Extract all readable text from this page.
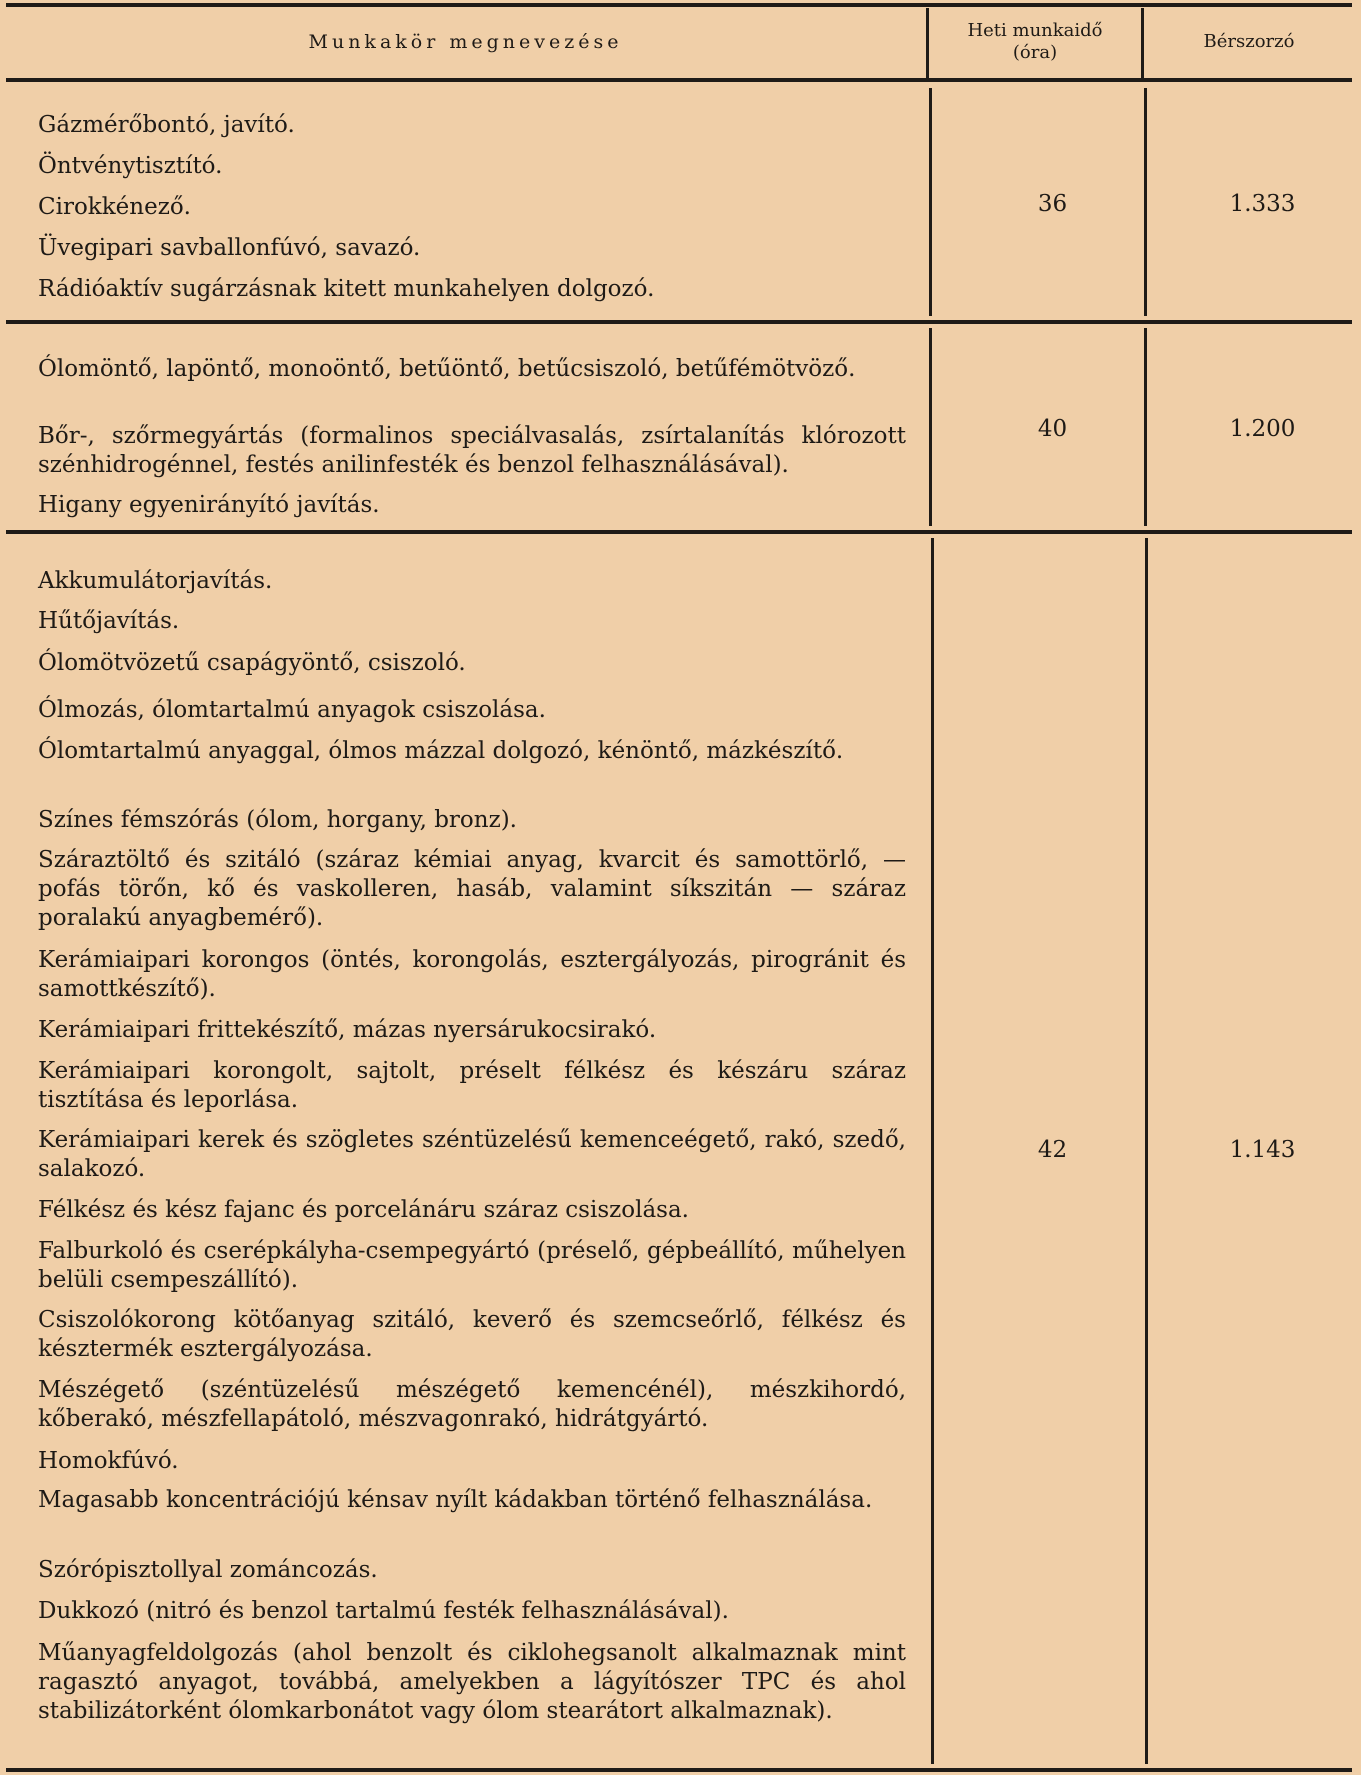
Munkakör megnevezése
Heti munkaidő
(óra)
Bérszorzó
Gázmérőbontó, javító.
Öntvénytisztító.
Cirokkénező.
Üvegipari savballonfúvó, savazó.
Rádióaktív sugárzásnak kitett munkahelyen dolgozó.
36	1.333
Ólomöntő, lapöntő, monoöntő, betűöntő, betűcsiszoló, betűfémötvöző.
Bőr-, szőrmegyártás (formalinos speciálvasalás, zsírtalanítás klórozott szénhidrogénnel, festés anilinfesték és benzol felhasználásával).
Higany egyenirányító javítás.
40	1.200
Akkumulátorjavítás.
Hűtőjavítás.
Ólomötvözetű csapágyöntő, csiszoló.
Ólmozás, ólomtartalmú anyagok csiszolása.
Ólomtartalmú anyaggal, ólmos mázzal dolgozó, kénöntő, mázkészítő.
Színes fémszórás (ólom, horgany, bronz).
Száraztöltő és szitáló (száraz kémiai anyag, kvarcit és samottörlő, — pofás törőn, kő és vaskolleren, hasáb, valamint síkszitán — száraz poralakú anyagbemérő).
Kerámiaipari korongos (öntés, korongolás, esztergályozás, pirogránit és samottkészítő).
Kerámiaipari frittekészítő, mázas nyersárukocsirakó.
Kerámiaipari korongolt, sajtolt, préselt félkész és készáru száraz tisztítása és leporlása.
Kerámiaipari kerek és szögletes széntüzelésű kemenceégető, rakó, szedő, salakozó.
Félkész és kész fajanc és porcelánáru száraz csiszolása.
Falburkoló és cserépkályha-csempegyártó (préselő, gépbeállító, műhelyen belüli csempeszállító).
Csiszolókorong kötőanyag szitáló, keverő és szemcseőrlő, félkész és késztermék esztergályozása.
Mészégető (széntüzelésű mészégető kemencénél), mészkihordó, kőberakó, mészfellapátoló, mészvagonrakó, hidrátgyártó.
Homokfúvó.
Magasabb koncentrációjú kénsav nyílt kádakban történő felhasználása.
Szórópisztollyal zománcozás.
Dukkozó (nitró és benzol tartalmú festék felhasználásával).
Műanyagfeldolgozás (ahol benzolt és ciklohegsanolt alkalmaznak mint ragasztó anyagot, továbbá, amelyekben a lágyítószer TPC és ahol stabilizátorként ólomkarbonátot vagy ólom stearátort alkalmaznak).
42	1.143
